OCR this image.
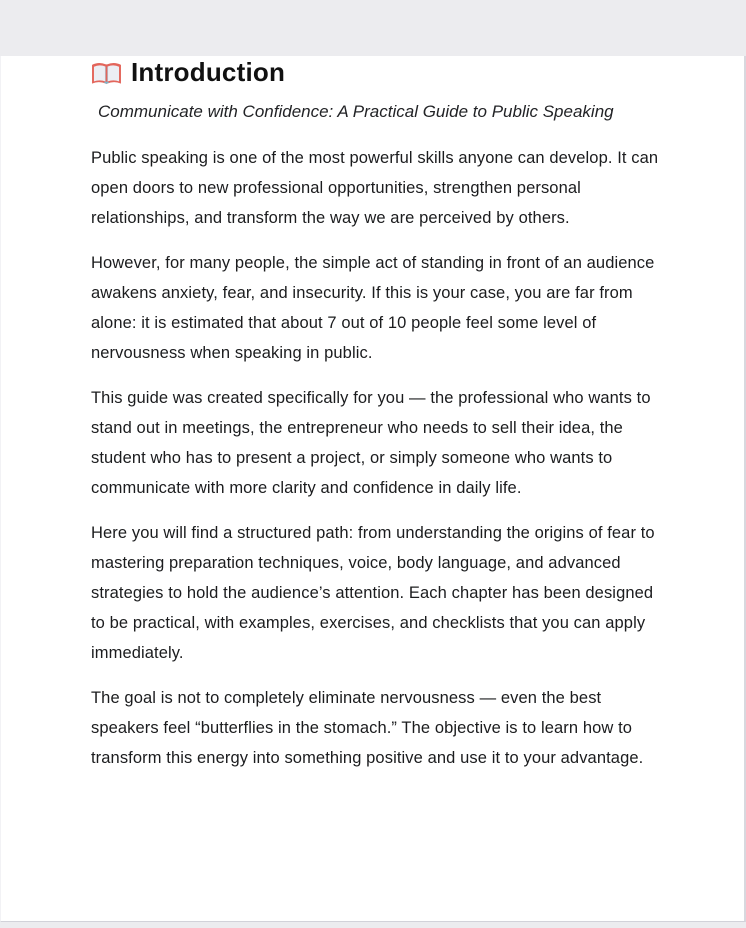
Introduction
Communicate with Confidence: A Practical Guide to Public Speaking

Public speaking is one of the most powerful skills anyone can develop. It can open doors to new professional opportunities, strengthen personal relationships, and transform the way we are perceived by others.

However, for many people, the simple act of standing in front of an audience awakens anxiety, fear, and insecurity. If this is your case, you are far from alone: it is estimated that about 7 out of 10 people feel some level of nervousness when speaking in public.

This guide was created specifically for you — the professional who wants to stand out in meetings, the entrepreneur who needs to sell their idea, the student who has to present a project, or simply someone who wants to communicate with more clarity and confidence in daily life.

Here you will find a structured path: from understanding the origins of fear to mastering preparation techniques, voice, body language, and advanced strategies to hold the audience’s attention. Each chapter has been designed to be practical, with examples, exercises, and checklists that you can apply immediately.

The goal is not to completely eliminate nervousness — even the best speakers feel “butterflies in the stomach.” The objective is to learn how to transform this energy into something positive and use it to your advantage.
